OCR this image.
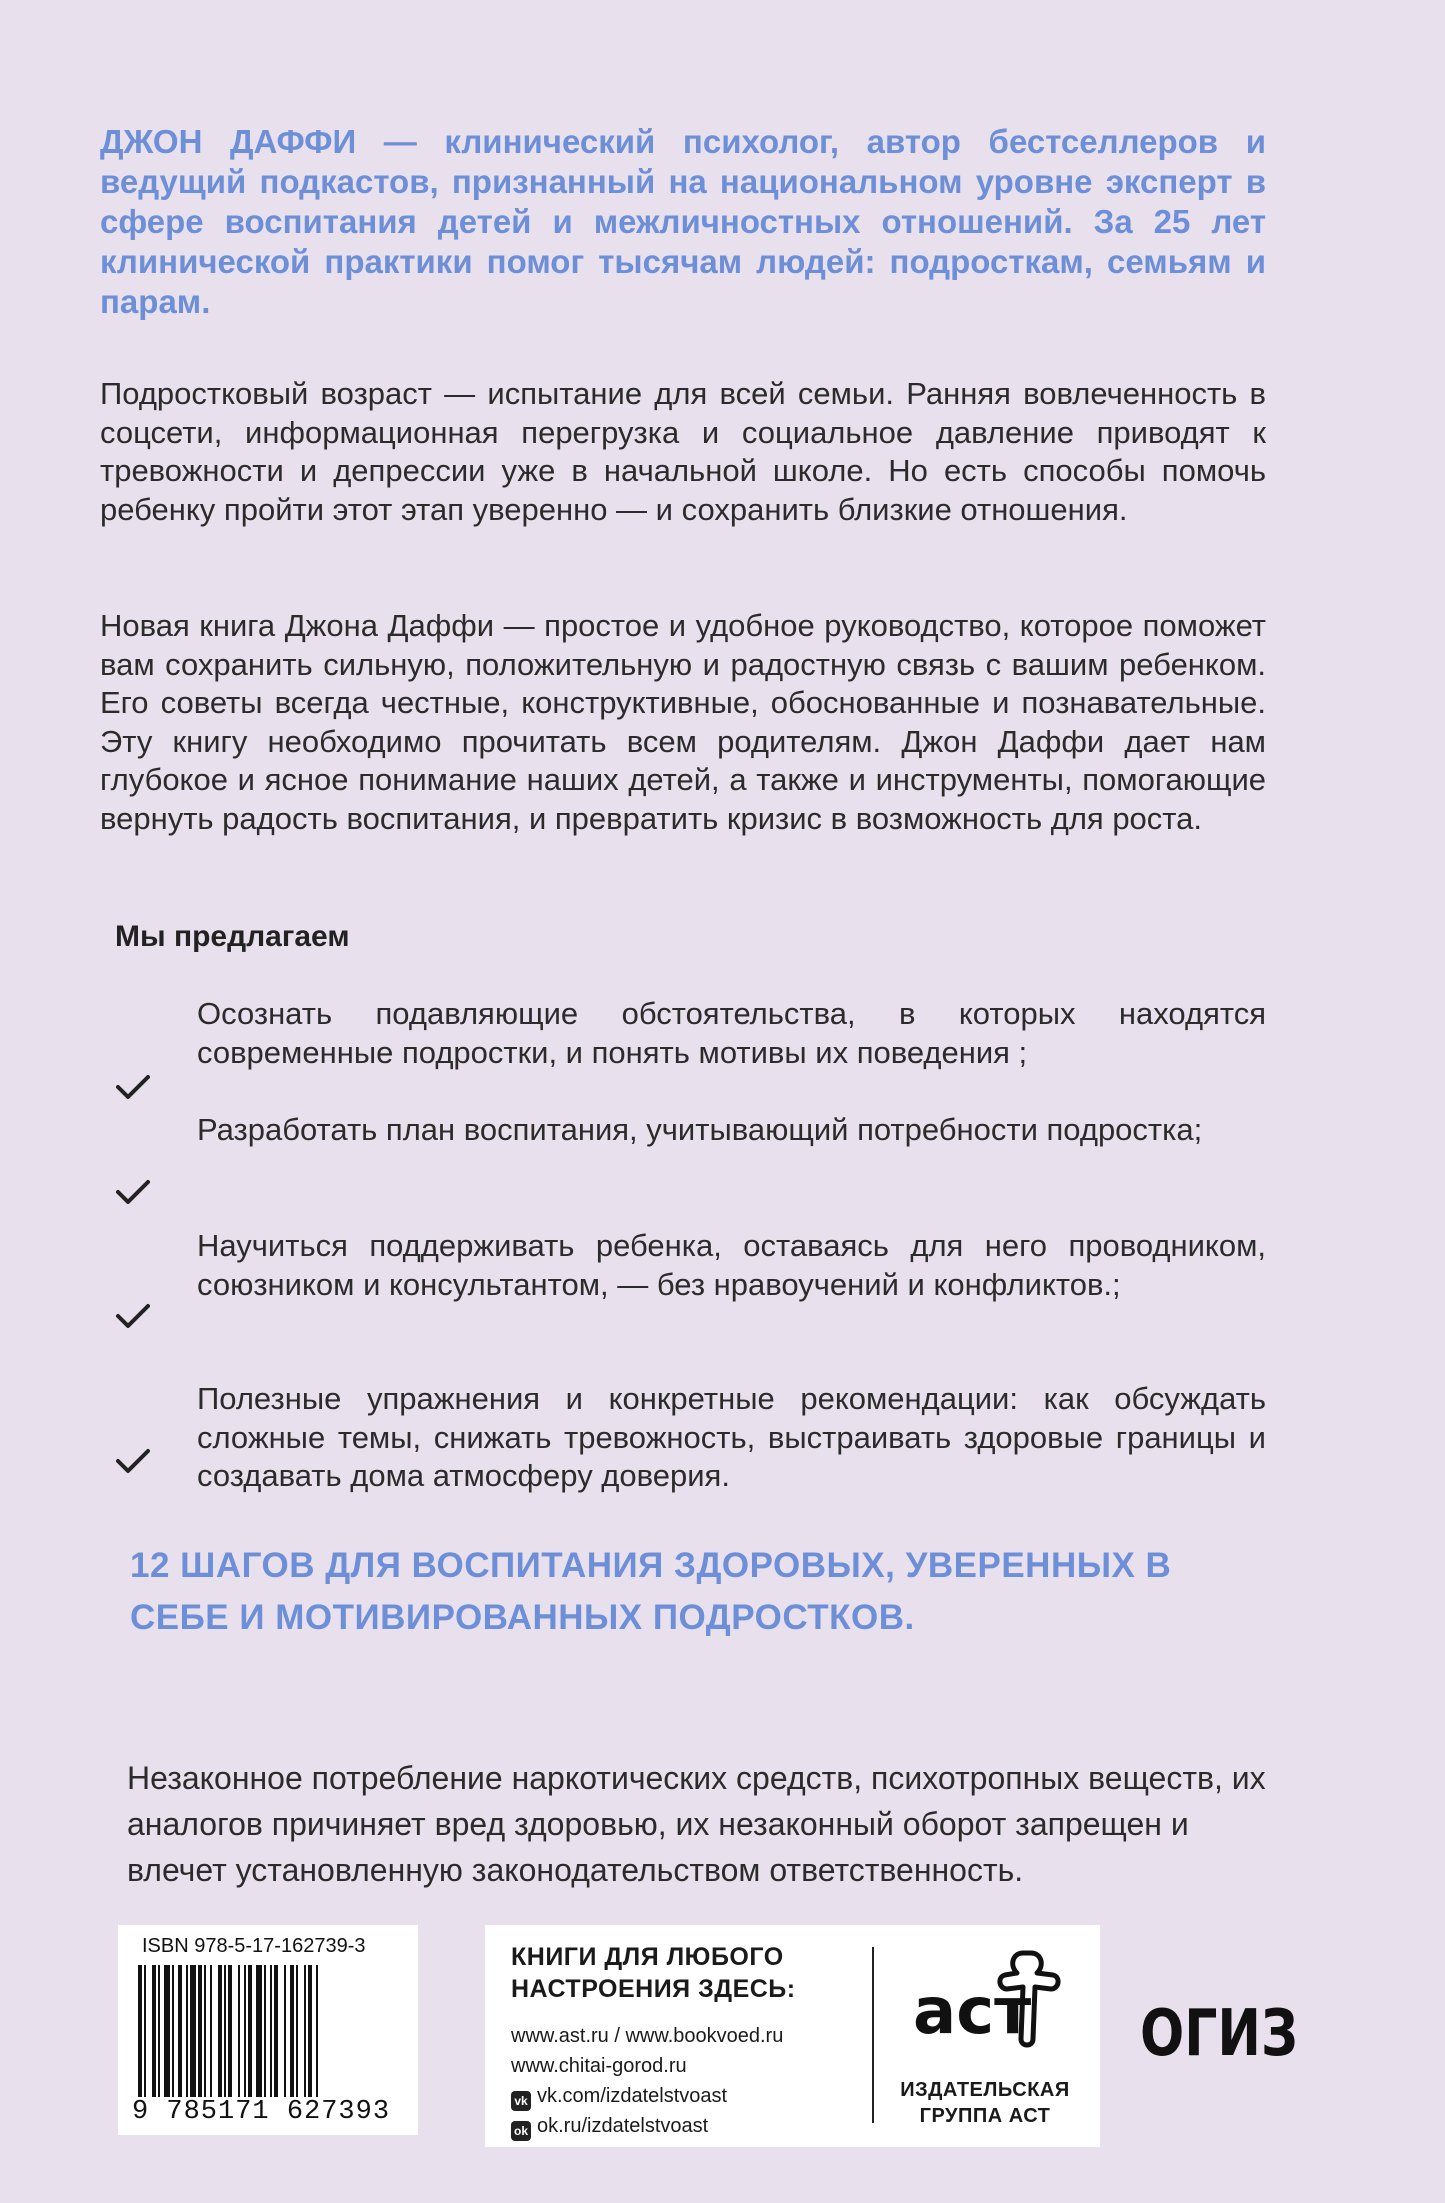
ДЖОН ДАФФИ — клинический психолог, автор бестселлеров и ведущий подкастов, признанный на национальном уровне эксперт в сфере воспитания детей и межличностных отношений. За 25 лет клинической практики помог тысячам людей: подросткам, семьям и парам.
Подростковый возраст — испытание для всей семьи. Ранняя вовлеченность в соцсети, информационная перегрузка и социальное давление приводят к тревожности и депрессии уже в начальной школе. Но есть способы помочь ребенку пройти этот этап уверенно — и сохранить близкие отношения.
Новая книга Джона Даффи — простое и удобное руководство, которое поможет вам сохранить сильную, положительную и радостную связь с вашим ребенком. Его советы всегда честные, конструктивные, обоснованные и познавательные. Эту книгу необходимо прочитать всем родителям. Джон Даффи дает нам глубокое и ясное понимание наших детей, а также и инструменты, помогающие вернуть радость воспитания, и превратить кризис в возможность для роста.
Мы предлагаем
Осознать подавляющие обстоятельства, в которых находятся современные подростки, и понять мотивы их поведения ;
Разработать план воспитания, учитывающий потребности подростка;
Научиться поддерживать ребенка, оставаясь для него проводником, союзником и консультантом, — без нравоучений и конфликтов.;
Полезные упражнения и конкретные рекомендации: как обсуждать сложные темы, снижать тревожность, выстраивать здоровые границы и создавать дома атмосферу доверия.
12 ШАГОВ ДЛЯ ВОСПИТАНИЯ ЗДОРОВЫХ, УВЕРЕННЫХ В СЕБЕ И МОТИВИРОВАННЫХ ПОДРОСТКОВ.
Незаконное потребление наркотических средств, психотропных веществ, их аналогов причиняет вред здоровью, их незаконный оборот запрещен и влечет установленную законодательством ответственность.
ISBN 978-5-17-162739-3
9 785171 627393
КНИГИ ДЛЯ ЛЮБОГО НАСТРОЕНИЯ ЗДЕСЬ:
www.ast.ru / www.bookvoed.ru
www.chitai-gorod.ru
vk vk.com/izdatelstvoast
ok ok.ru/izdatelstvoast
аст
ИЗДАТЕЛЬСКАЯ ГРУППА АСТ
ОГИЗ
